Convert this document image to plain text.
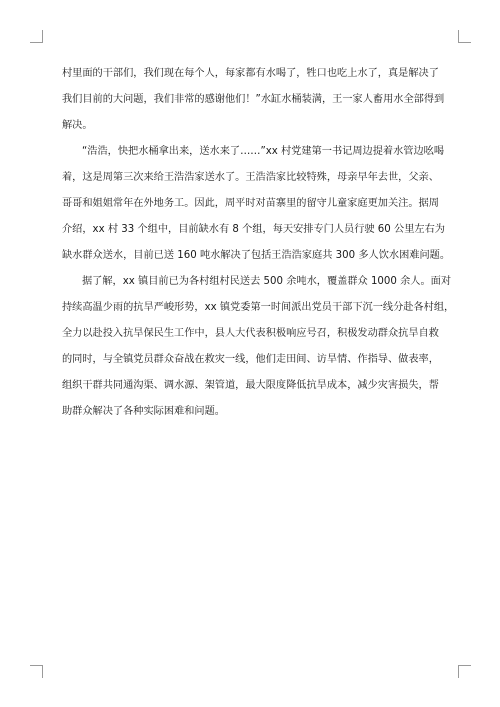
村里面的干部们，我们现在每个人，每家都有水喝了，牲口也吃上水了，真是解决了

我们目前的大问题，我们非常的感谢他们！”水缸水桶装满，王一家人畜用水全部得到

解决。

“浩浩，快把水桶拿出来，送水来了……”xx 村党建第一书记周边提着水管边吆喝

着，这是周第三次来给王浩浩家送水了。王浩浩家比较特殊，母亲早年去世，父亲、

哥哥和姐姐常年在外地务工。因此，周平时对苗寨里的留守儿童家庭更加关注。据周

介绍，xx 村 33 个组中，目前缺水有 8 个组，每天安排专门人员行驶 60 公里左右为

缺水群众送水，目前已送 160 吨水解决了包括王浩浩家庭共 300 多人饮水困难问题。

据了解，xx 镇目前已为各村组村民送去 500 余吨水，覆盖群众 1000 余人。面对

持续高温少雨的抗旱严峻形势，xx 镇党委第一时间派出党员干部下沉一线分赴各村组，

全力以赴投入抗旱保民生工作中，县人大代表积极响应号召，积极发动群众抗旱自救

的同时，与全镇党员群众奋战在救灾一线，他们走田间、访旱情、作指导、做表率，

组织干群共同通沟渠、调水源、架管道，最大限度降低抗旱成本，减少灾害损失，帮

助群众解决了各种实际困难和问题。
